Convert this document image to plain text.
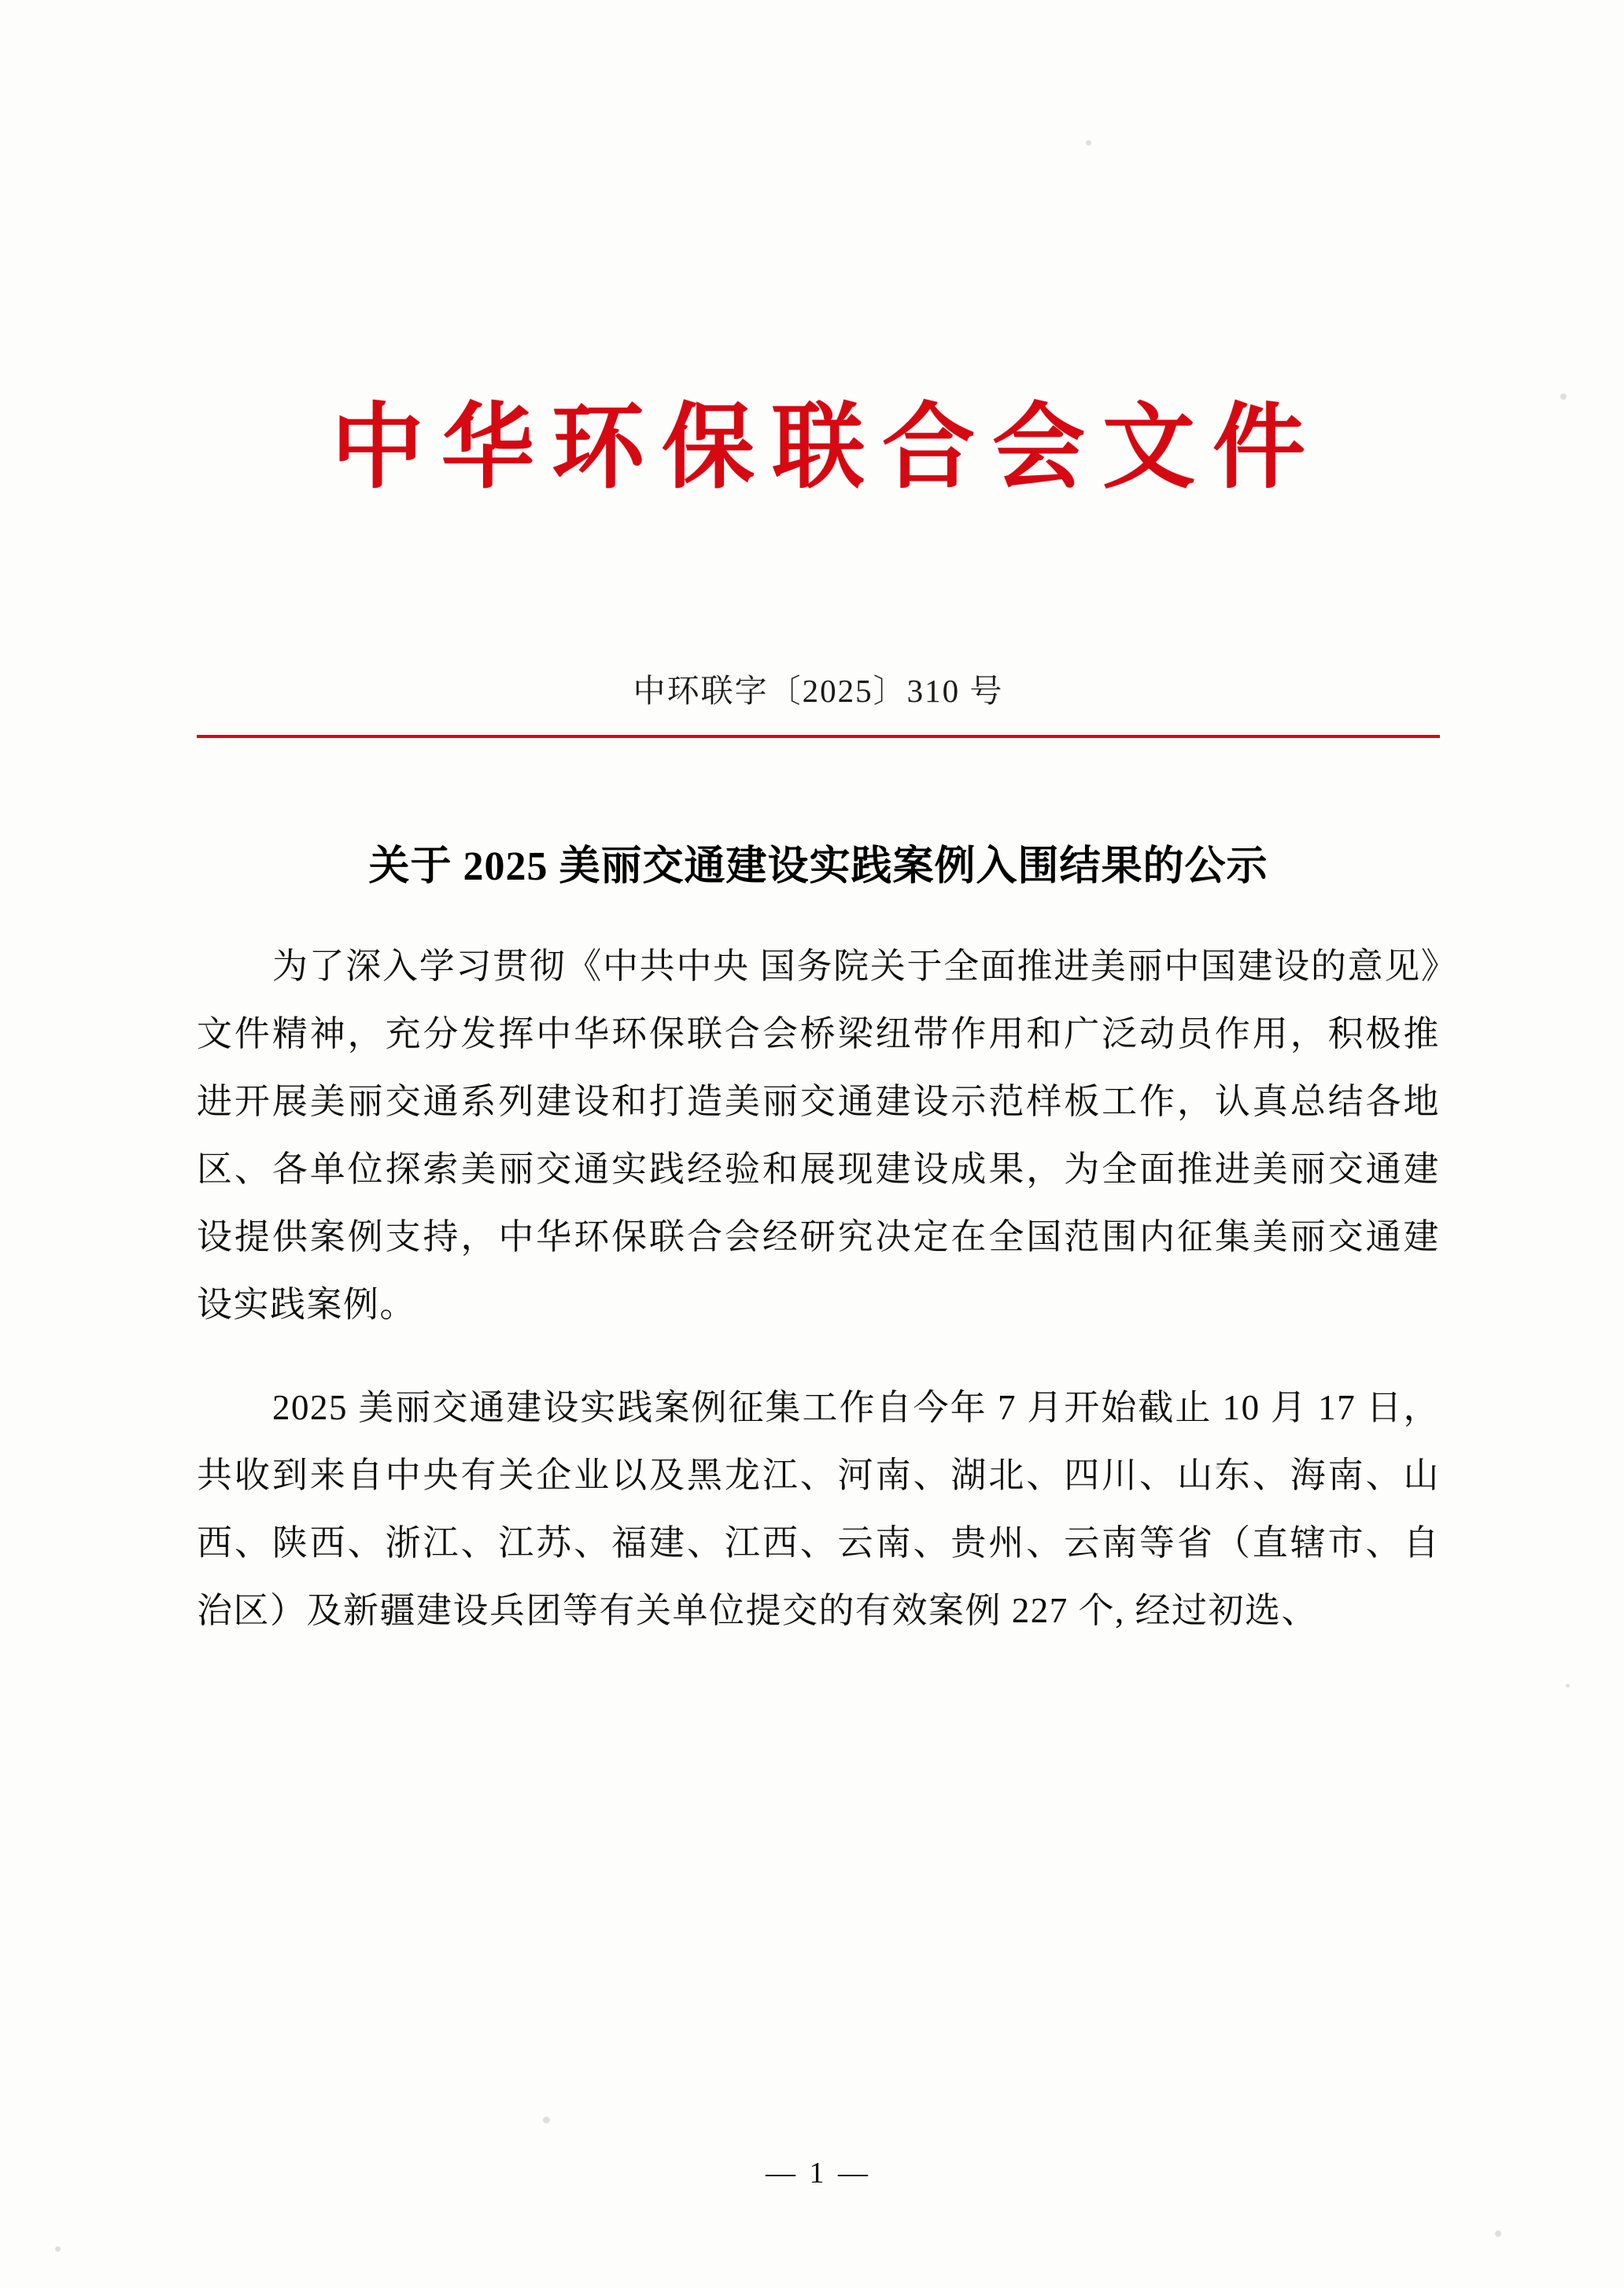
中华环保联合会文件
中环联字〔2025〕310 号
关于 2025 美丽交通建设实践案例入围结果的公示

为了深入学习贯彻《中共中央 国务院关于全面推进美丽中国建设的意见》文件精神，充分发挥中华环保联合会桥梁纽带作用和广泛动员作用，积极推进开展美丽交通系列建设和打造美丽交通建设示范样板工作，认真总结各地区、各单位探索美丽交通实践经验和展现建设成果，为全面推进美丽交通建设提供案例支持，中华环保联合会经研究决定在全国范围内征集美丽交通建设实践案例。

2025 美丽交通建设实践案例征集工作自今年 7 月开始截止 10 月 17 日，共收到来自中央有关企业以及黑龙江、河南、湖北、四川、山东、海南、山西、陕西、浙江、江苏、福建、江西、云南、贵州、云南等省（直辖市、自治区）及新疆建设兵团等有关单位提交的有效案例 227 个, 经过初选、

— 1 —
